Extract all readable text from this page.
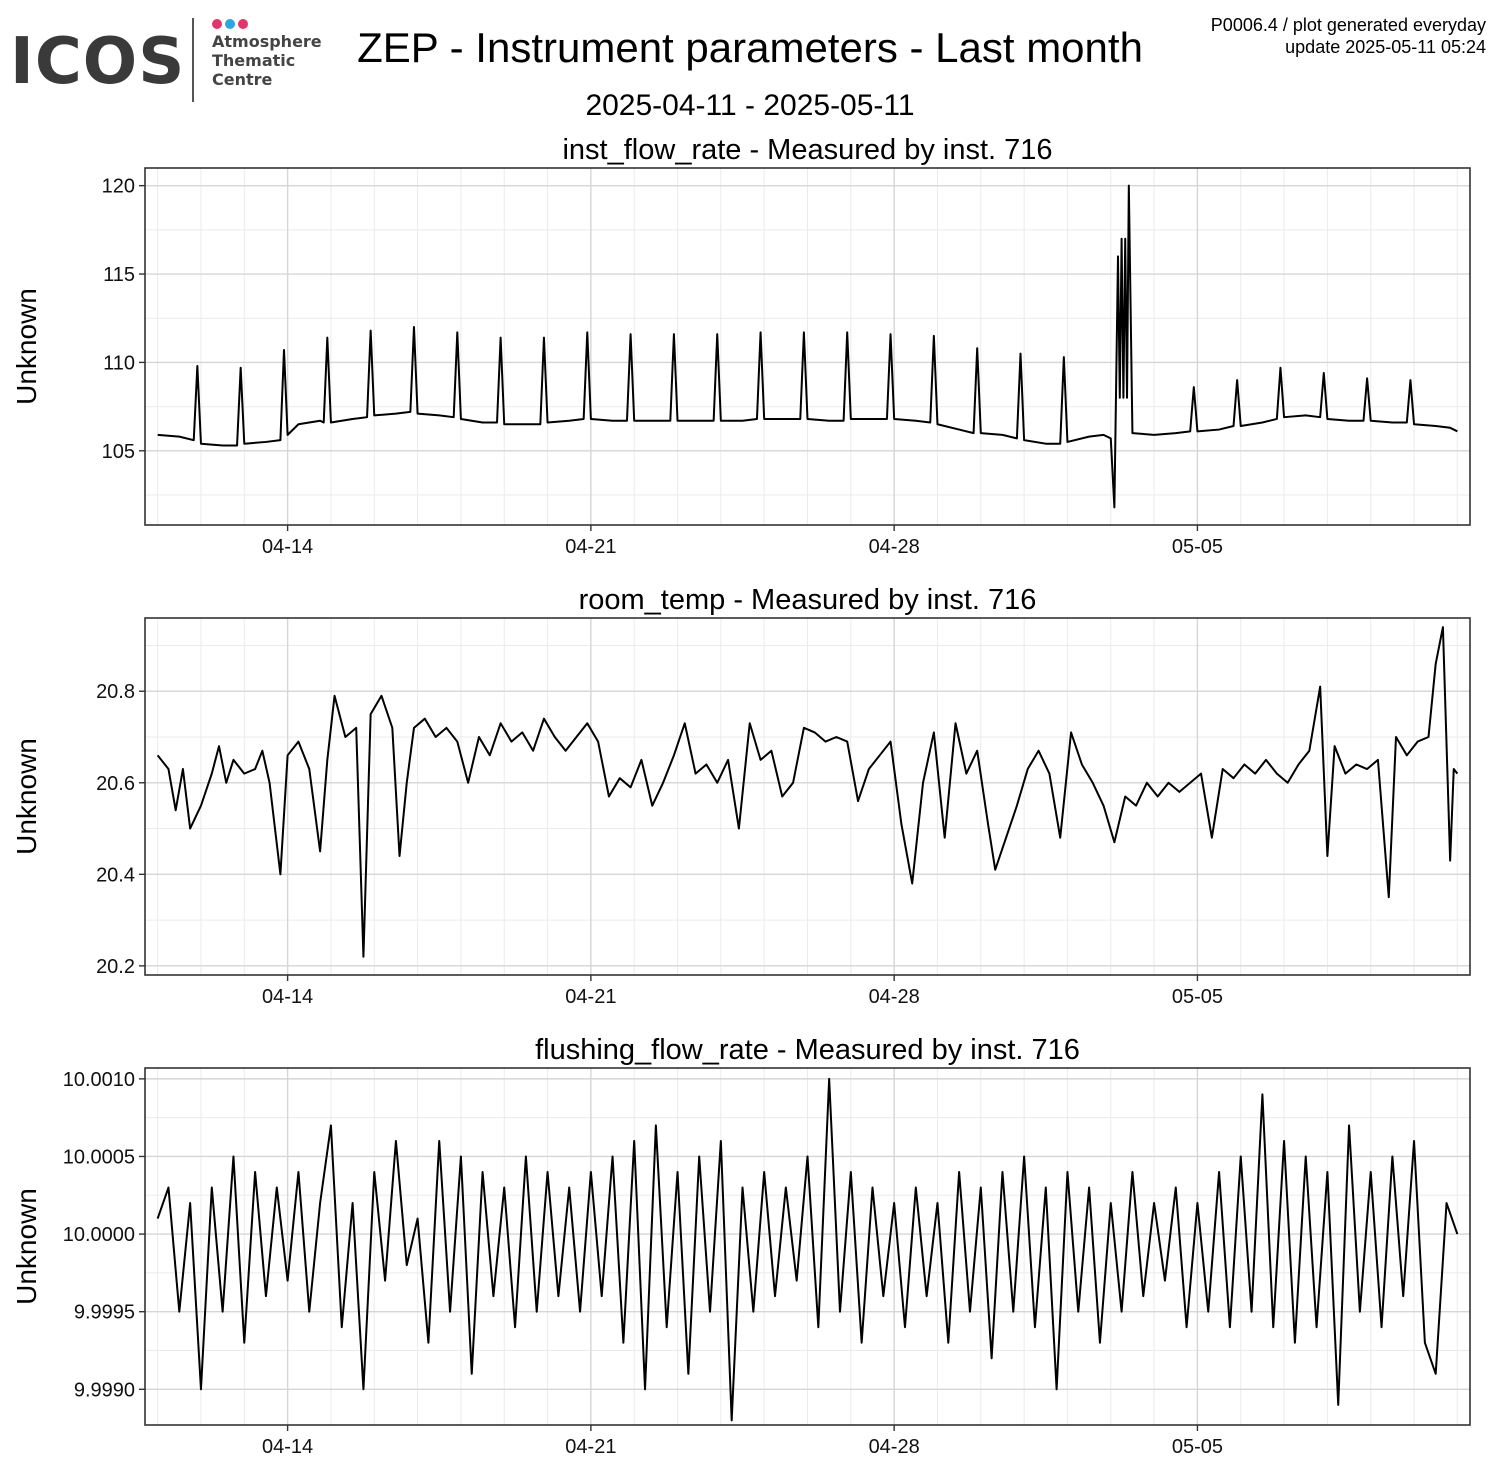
ICOS Atmosphere
Thematic
Centre
ZEP - Instrument parameters - Last month
2025-04-11 - 2025-05-11
P0006.4 / plot generated everyday
update 2025-05-11 05:24
105
110
115
120
04-14	04-21	04-28	05-05
inst_flow_rate - Measured by inst. 716
Unknown
20.2
20.4
20.6
20.8
04-14	04-21	04-28	05-05
room_temp - Measured by inst. 716
Unknown
9.9990
9.9995
10.0000
10.0005
10.0010
04-14	04-21	04-28	05-05
flushing_flow_rate - Measured by inst. 716
Unknown
